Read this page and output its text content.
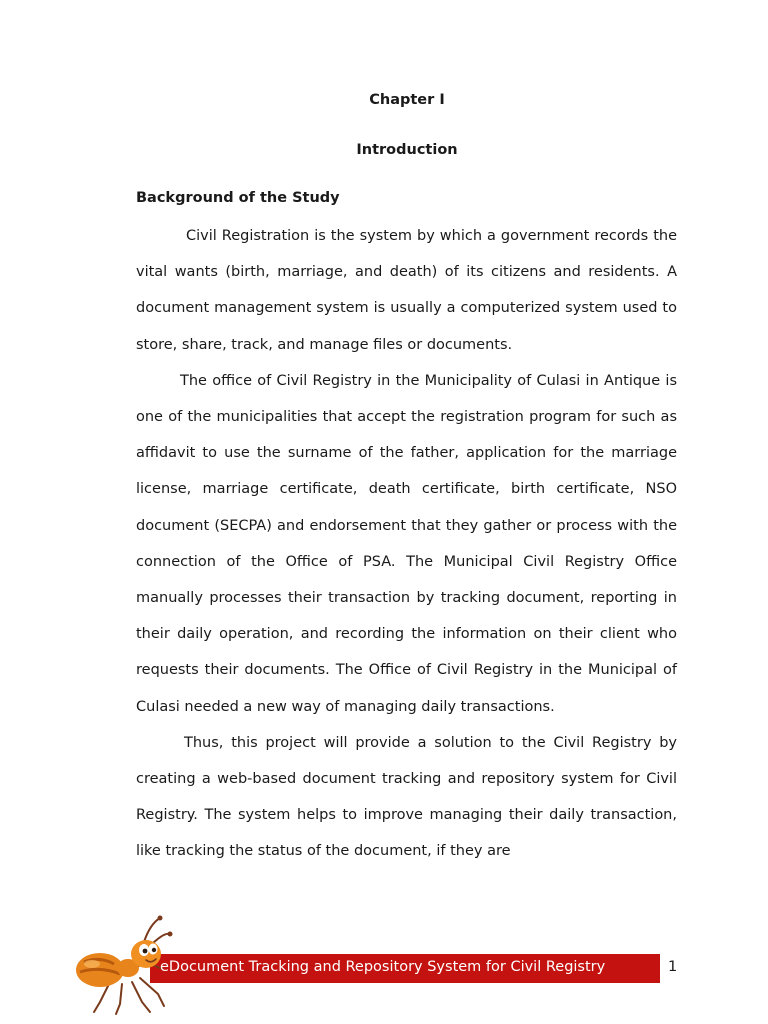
Chapter I
Introduction
Background of the Study

Civil Registration is the system by which a government records the vital wants (birth, marriage, and death) of its citizens and residents. A document management system is usually a computerized system used to store, share, track, and manage files or documents.

The office of Civil Registry in the Municipality of Culasi in Antique is one of the municipalities that accept the registration program for such as affidavit to use the surname of the father, application for the marriage license, marriage certificate, death certificate, birth certificate, NSO document (SECPA) and endorsement that they gather or process with the connection of the Office of PSA. The Municipal Civil Registry Office manually processes their transaction by tracking document, reporting in their daily operation, and recording the information on their client who requests their documents. The Office of Civil Registry in the Municipal of Culasi needed a new way of managing daily transactions.

Thus, this project will provide a solution to the Civil Registry by creating a web-based document tracking and repository system for Civil Registry. The system helps to improve managing their daily transaction, like tracking the status of the document, if they are

eDocument Tracking and Repository System for Civil Registry	1
